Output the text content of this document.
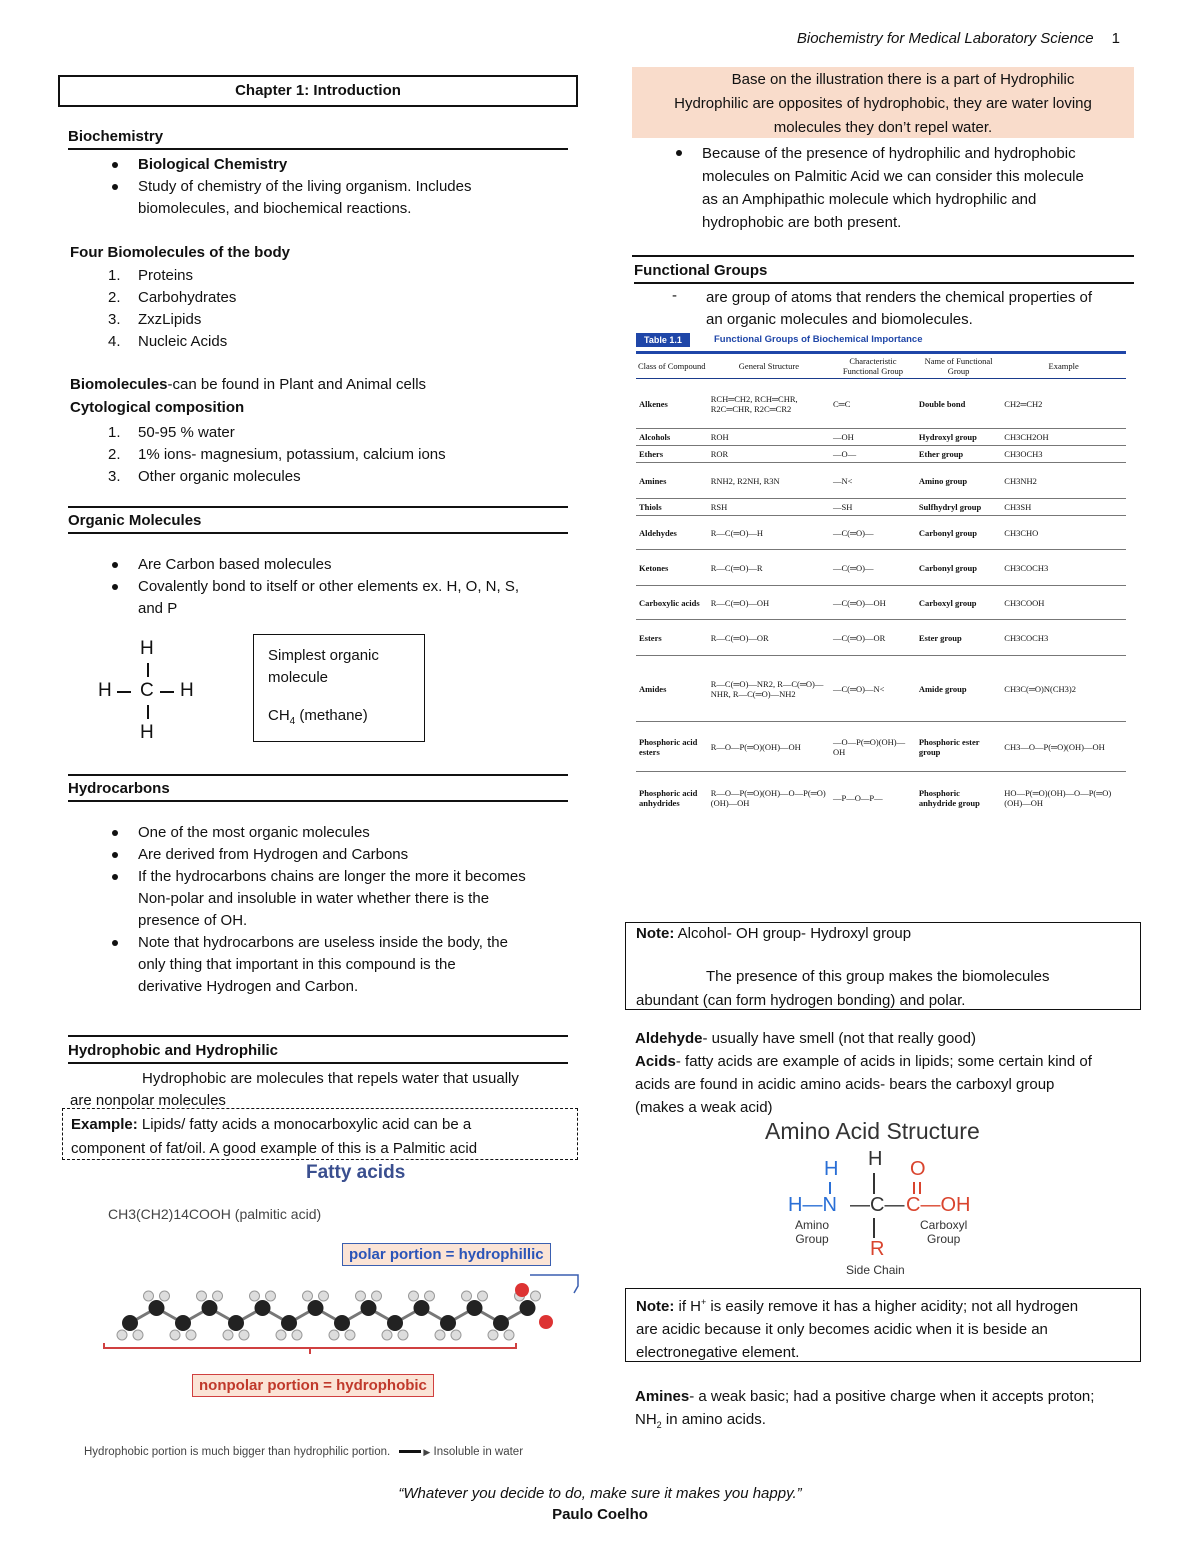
Biochemistry for Medical Laboratory Science 1
Chapter 1: Introduction
Biochemistry
Biological Chemistry
Study of chemistry of the living organism. Includes
biomolecules, and biochemical reactions.
Four Biomolecules of the body
1. Proteins
2. Carbohydrates
3. ZxzLipids
4. Nucleic Acids
Biomolecules-can be found in Plant and Animal cells
Cytological composition
1. 50-95 % water
2. 1% ions- magnesium, potassium, calcium ions
3. Other organic molecules
Organic Molecules
Are Carbon based molecules
Covalently bond to itself or other elements ex. H, O, N, S,
and P
H
H C H
H
Simplest organic
molecule
$CH_4$ (methane)
Hydrocarbons
One of the most organic molecules
Are derived from Hydrogen and Carbons
If the hydrocarbons chains are longer the more it becomes
Non-polar and insoluble in water whether there is the
presence of OH.
Note that hydrocarbons are useless inside the body, the
only thing that important in this compound is the
derivative Hydrogen and Carbon.
Hydrophobic and Hydrophilic
Hydrophobic are molecules that repels water that usually
are nonpolar molecules
Example: Lipids/ fatty acids a monocarboxylic acid can be a
component of fat/oil. A good example of this is a Palmitic acid
Fatty acids
CH3(CH2)14COOH (palmitic acid)
polar portion = hydrophillic
nonpolar portion = hydrophobic
Hydrophobic portion is much bigger than hydrophilic portion.	▶ Insoluble in water
Base on the illustration there is a part of Hydrophilic
Hydrophilic are opposites of hydrophobic, they are water loving
molecules they don’t repel water.
Because of the presence of hydrophilic and hydrophobic
molecules on Palmitic Acid we can consider this molecule
as an Amphipathic molecule which hydrophilic and
hydrophobic are both present.
Functional Groups
- are group of atoms that renders the chemical properties of
an organic molecules and biomolecules.
Table 1.1	Functional Groups of Biochemical Importance
Class of Compound	General Structure	Characteristic Functional Group	Name of Functional Group	Example
Alkenes	RCH═CH2, RCH═CHR, R2C═CHR, R2C═CR2	C═C	Double bond	CH2═CH2
Alcohols	ROH	—OH	Hydroxyl group	CH3CH2OH
Ethers	ROR	—O—	Ether group	CH3OCH3
Amines	RNH2, R2NH, R3N	—N<	Amino group	CH3NH2
Thiols	RSH	—SH	Sulfhydryl group	CH3SH
Aldehydes	R—C(═O)—H	—C(═O)—	Carbonyl group	CH3CHO
Ketones	R—C(═O)—R	—C(═O)—	Carbonyl group	CH3COCH3
Carboxylic acids	R—C(═O)—OH	—C(═O)—OH	Carboxyl group	CH3COOH
Esters	R—C(═O)—OR	—C(═O)—OR	Ester group	CH3COCH3
Amides	R—C(═O)—NR2, R—C(═O)—NHR, R—C(═O)—NH2	—C(═O)—N<	Amide group	CH3C(═O)N(CH3)2
Phosphoric acid esters	R—O—P(═O)(OH)—OH	—O—P(═O)(OH)—OH	Phosphoric ester group	CH3—O—P(═O)(OH)—OH
Phosphoric acid anhydrides	R—O—P(═O)(OH)—O—P(═O)(OH)—OH	—P—O—P—	Phosphoric anhydride group	HO—P(═O)(OH)—O—P(═O)(OH)—OH
Note: Alcohol- OH group- Hydroxyl group
The presence of this group makes the biomolecules
abundant (can form hydrogen bonding) and polar.
Aldehyde- usually have smell (not that really good)
Acids- fatty acids are example of acids in lipids; some certain kind of
acids are found in acidic amino acids- bears the carboxyl group
(makes a weak acid)
Amino Acid Structure
H H O
H—N —C— C—OH
Amino
Group
Carboxyl
Group
R
Side Chain
Note: if H+ is easily remove it has a higher acidity; not all hydrogen
are acidic because it only becomes acidic when it is beside an
electronegative element.
Amines- a weak basic; had a positive charge when it accepts proton;
$NH_2$ in amino acids.
“Whatever you decide to do, make sure it makes you happy.”
Paulo Coelho
